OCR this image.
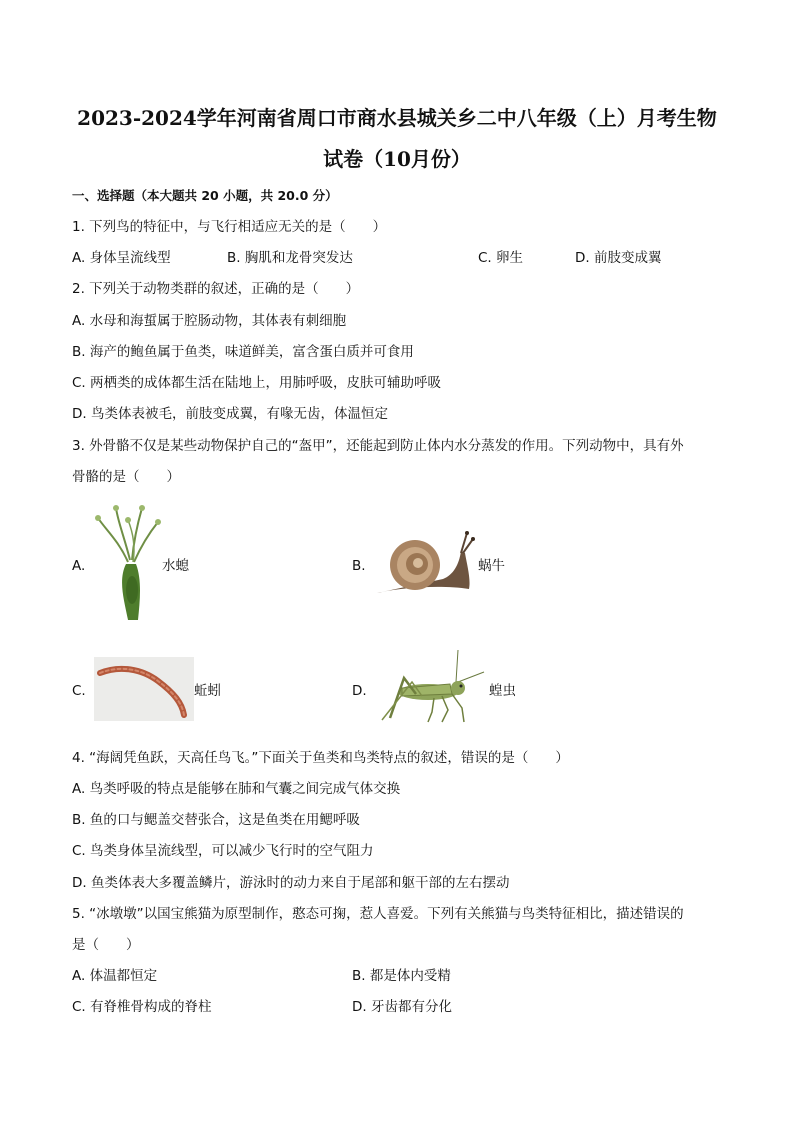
2023-2024学年河南省周口市商水县城关乡二中八年级（上）月考生物
试卷（10月份）
一、选择题（本大题共 20 小题，共 20.0 分）
1. 下列鸟的特征中，与飞行相适应无关的是（　　）
A. 身体呈流线型	B. 胸肌和龙骨突发达	C. 卵生	D. 前肢变成翼
2. 下列关于动物类群的叙述，正确的是（　　）
A. 水母和海蜇属于腔肠动物，其体表有刺细胞
B. 海产的鲍鱼属于鱼类，味道鲜美，富含蛋白质并可食用
C. 两栖类的成体都生活在陆地上，用肺呼吸，皮肤可辅助呼吸
D. 鸟类体表被毛，前肢变成翼，有喙无齿，体温恒定
3. 外骨骼不仅是某些动物保护自己的“盔甲”，还能起到防止体内水分蒸发的作用。下列动物中，具有外
骨骼的是（　　）
A.	水螅	B.	蜗牛
C.	蚯蚓	D.	蝗虫
4. “海阔凭鱼跃，天高任鸟飞。”下面关于鱼类和鸟类特点的叙述，错误的是（　　）
A. 鸟类呼吸的特点是能够在肺和气囊之间完成气体交换
B. 鱼的口与鳃盖交替张合，这是鱼类在用鳃呼吸
C. 鸟类身体呈流线型，可以减少飞行时的空气阻力
D. 鱼类体表大多覆盖鳞片，游泳时的动力来自于尾部和躯干部的左右摆动
5. “冰墩墩”以国宝熊猫为原型制作，憨态可掬，惹人喜爱。下列有关熊猫与鸟类特征相比，描述错误的
是（　　）
A. 体温都恒定	B. 都是体内受精
C. 有脊椎骨构成的脊柱	D. 牙齿都有分化
